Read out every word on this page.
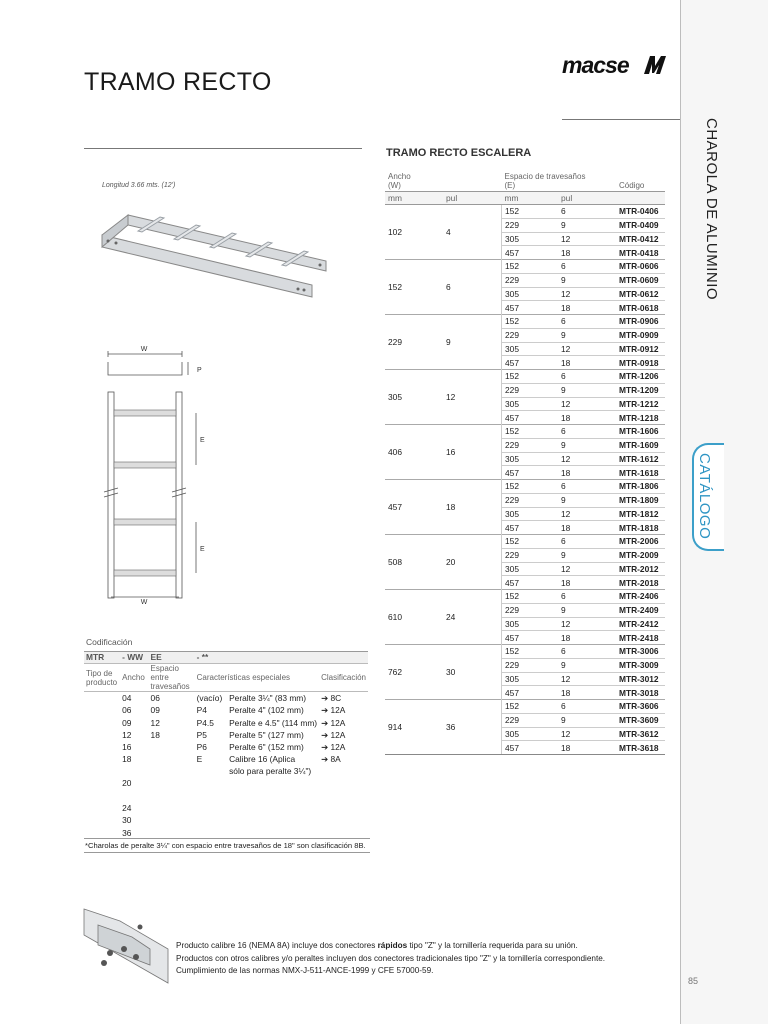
TRAMO RECTO
macse
CHAROLA DE ALUMINIO
CATÁLOGO
85
Longitud 3.66 mts. (12')
W
P
E
E
W
TRAMO RECTO ESCALERA
Ancho
(W)		Espacio de travesaños
(E)		Código
mm	pul	mm	pul	
102	4	152	6	MTR-0406
		229	9	MTR-0409
		305	12	MTR-0412
		457	18	MTR-0418
152	6	152	6	MTR-0606
		229	9	MTR-0609
		305	12	MTR-0612
		457	18	MTR-0618
229	9	152	6	MTR-0906
		229	9	MTR-0909
		305	12	MTR-0912
		457	18	MTR-0918
305	12	152	6	MTR-1206
		229	9	MTR-1209
		305	12	MTR-1212
		457	18	MTR-1218
406	16	152	6	MTR-1606
		229	9	MTR-1609
		305	12	MTR-1612
		457	18	MTR-1618
457	18	152	6	MTR-1806
		229	9	MTR-1809
		305	12	MTR-1812
		457	18	MTR-1818
508	20	152	6	MTR-2006
		229	9	MTR-2009
		305	12	MTR-2012
		457	18	MTR-2018
610	24	152	6	MTR-2406
		229	9	MTR-2409
		305	12	MTR-2412
		457	18	MTR-2418
762	30	152	6	MTR-3006
		229	9	MTR-3009
		305	12	MTR-3012
		457	18	MTR-3018
914	36	152	6	MTR-3606
		229	9	MTR-3609
		305	12	MTR-3612
		457	18	MTR-3618
Codificación
MTR	- WW	EE	- **		
Tipo de producto	Ancho	Espacio entre travesaños	Características especiales		Clasificación
	04	06	(vacío)	Peralte 3¼" (83 mm)	➔ 8C
	06	09	P4	Peralte 4" (102 mm)	➔ 12A
	09	12	P4.5	Peralte e 4.5" (114 mm)	➔ 12A
	12	18	P5	Peralte 5" (127 mm)	➔ 12A
	16		P6	Peralte 6" (152 mm)	➔ 12A
	18		E	Calibre 16 (Aplica
sólo para peralte 3¼")	➔ 8A
	20				

	24				
	30				
	36				
*Charolas de peralte 3¼" con espacio entre travesaños de 18" son clasificación 8B.
Producto calibre 16 (NEMA 8A) incluye dos conectores rápidos tipo "Z" y la tornillería requerida para su unión.
Productos con otros calibres y/o peraltes incluyen dos conectores tradicionales tipo "Z" y la tornillería correspondiente.
Cumplimiento de las normas NMX-J-511-ANCE-1999 y CFE 57000-59.
